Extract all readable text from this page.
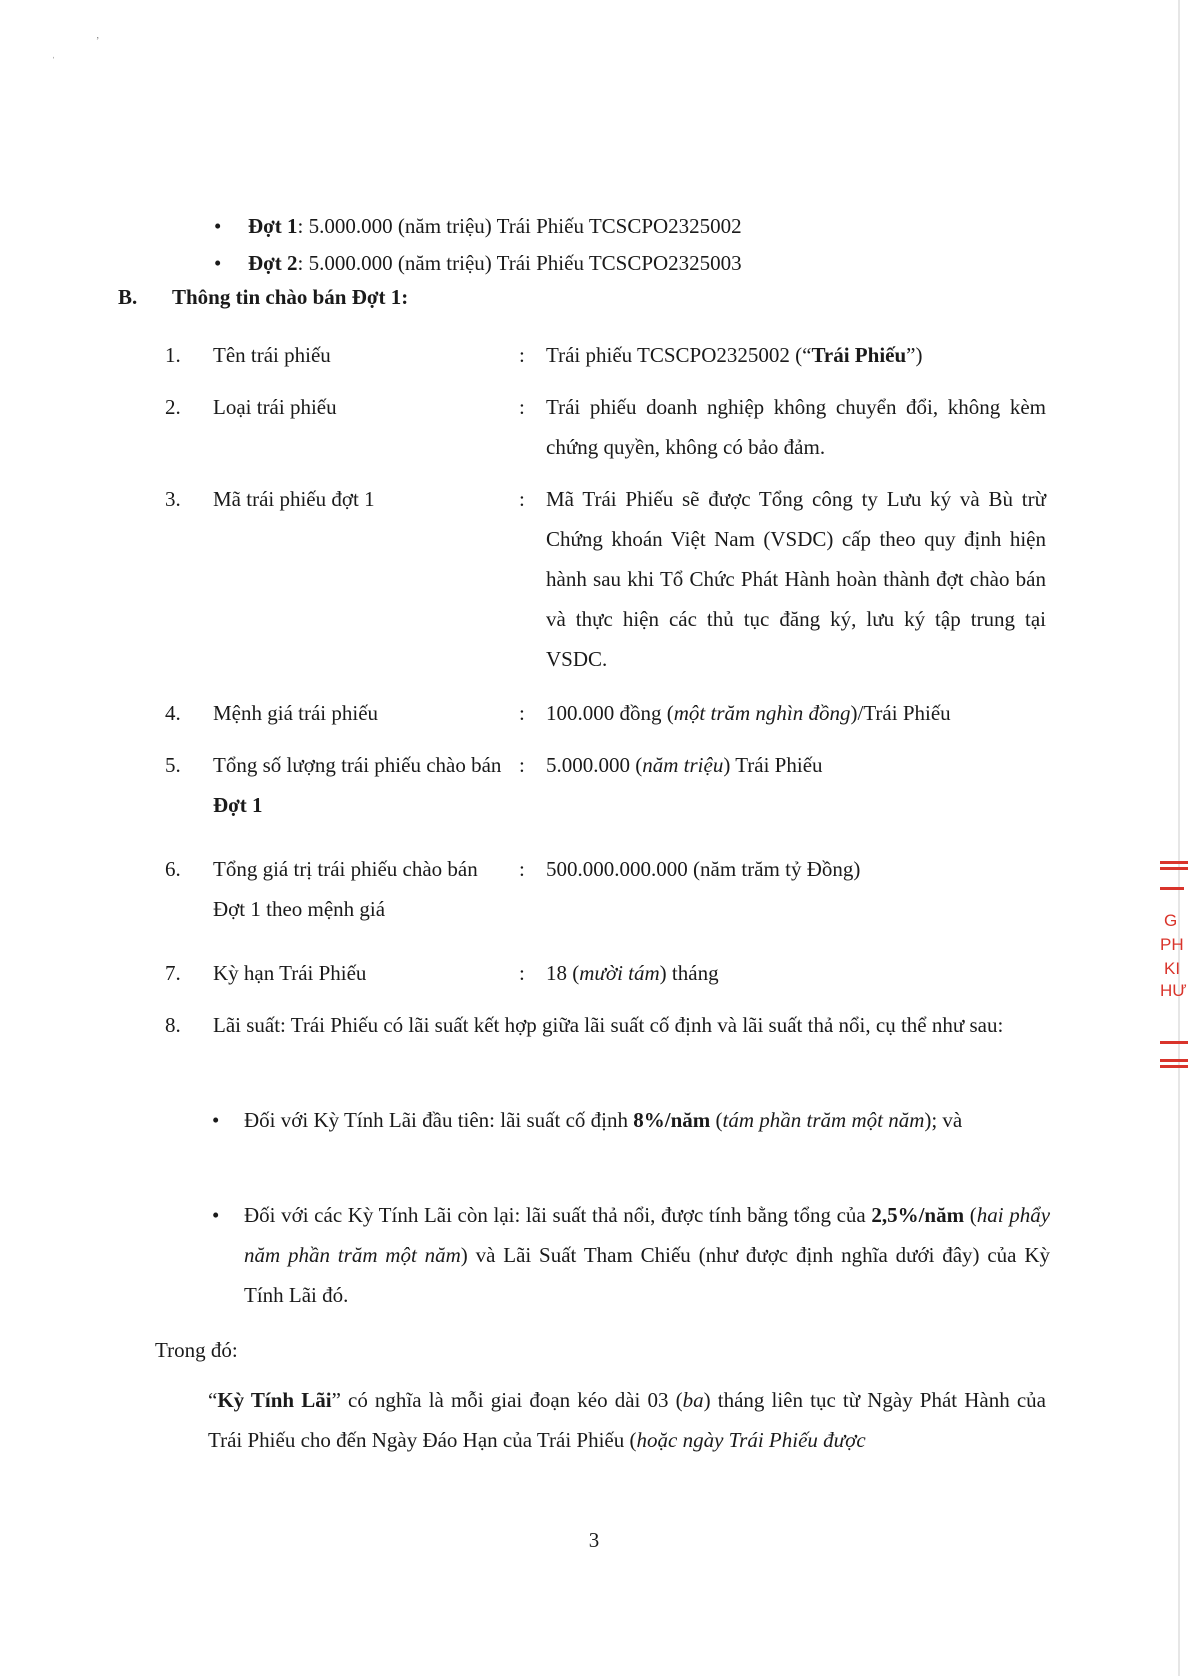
’
ˈ
• Đợt 1: 5.000.000 (năm triệu) Trái Phiếu TCSCPO2325002
• Đợt 2: 5.000.000 (năm triệu) Trái Phiếu TCSCPO2325003
B. Thông tin chào bán Đợt 1:
1. Tên trái phiếu	: Trái phiếu TCSCPO2325002 (“Trái Phiếu”)
2. Loại trái phiếu	: Trái phiếu doanh nghiệp không chuyển đổi, không kèm chứng quyền, không có bảo đảm.
3. Mã trái phiếu đợt 1	: Mã Trái Phiếu sẽ được Tổng công ty Lưu ký và Bù trừ Chứng khoán Việt Nam (VSDC) cấp theo quy định hiện hành sau khi Tổ Chức Phát Hành hoàn thành đợt chào bán và thực hiện các thủ tục đăng ký, lưu ký tập trung tại VSDC.
4. Mệnh giá trái phiếu	: 100.000 đồng (một trăm nghìn đồng)/Trái Phiếu
5. Tổng số lượng trái phiếu chào bán Đợt 1
: 5.000.000 (năm triệu) Trái Phiếu
6. Tổng giá trị trái phiếu chào bán Đợt 1 theo mệnh giá
: 500.000.000.000 (năm trăm tỷ Đồng)
7. Kỳ hạn Trái Phiếu	: 18 (mười tám) tháng
8. Lãi suất: Trái Phiếu có lãi suất kết hợp giữa lãi suất cố định và lãi suất thả nổi, cụ thể như sau:
• Đối với Kỳ Tính Lãi đầu tiên: lãi suất cố định 8%/năm (tám phần trăm một năm); và
• Đối với các Kỳ Tính Lãi còn lại: lãi suất thả nổi, được tính bằng tổng của 2,5%/năm (hai phẩy năm phần trăm một năm) và Lãi Suất Tham Chiếu (như được định nghĩa dưới đây) của Kỳ Tính Lãi đó.
Trong đó:
“Kỳ Tính Lãi” có nghĩa là mỗi giai đoạn kéo dài 03 (ba) tháng liên tục từ Ngày Phát Hành của Trái Phiếu cho đến Ngày Đáo Hạn của Trái Phiếu (hoặc ngày Trái Phiếu được
3
G
PH
KI
HƯ
